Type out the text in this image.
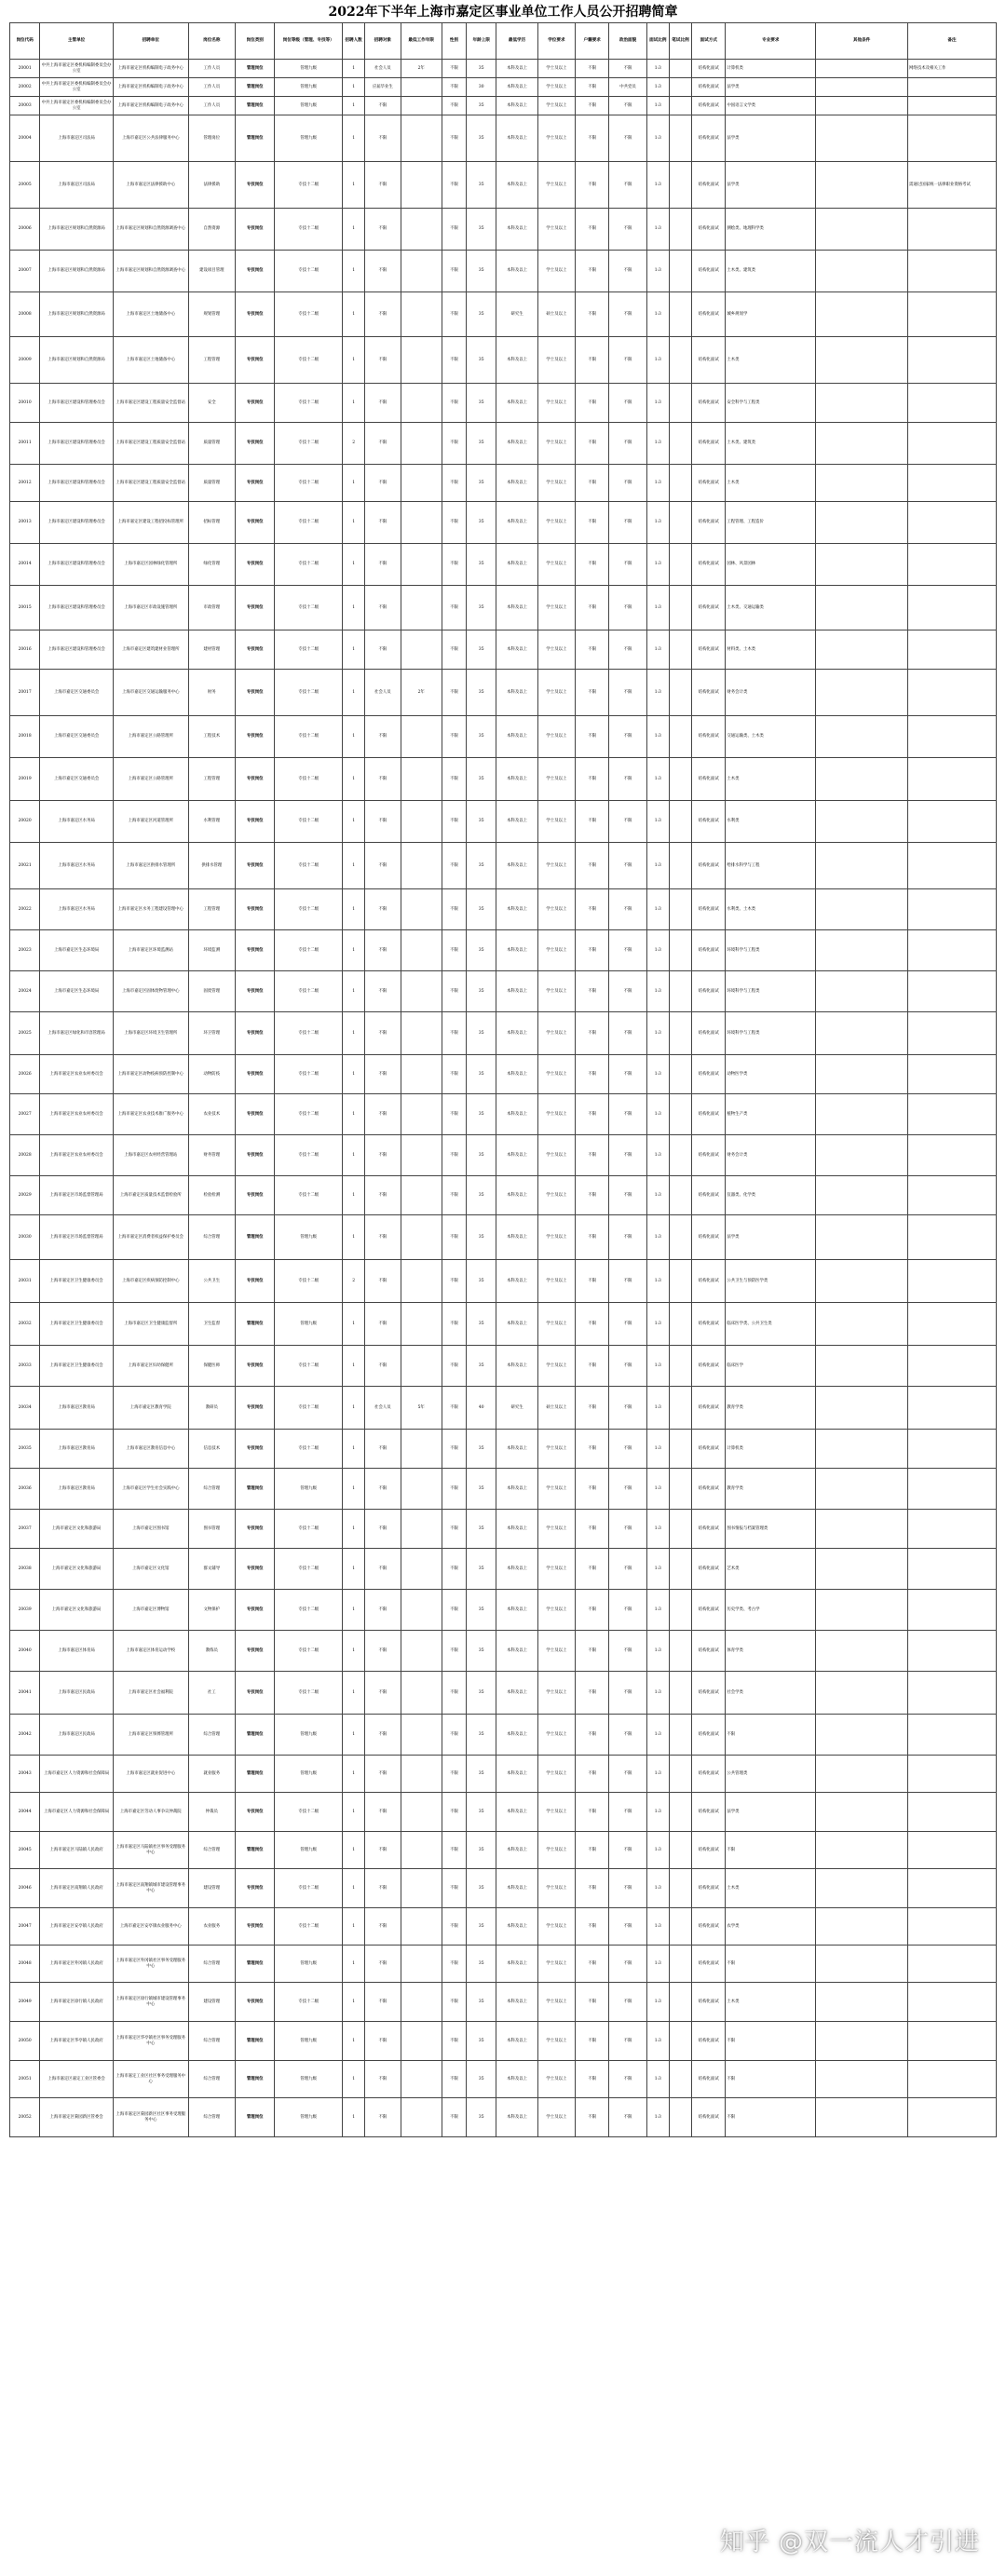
2022年下半年上海市嘉定区事业单位工作人员公开招聘简章
岗位代码	主管单位	招聘单位	岗位名称	岗位类别	岗位等级（管理、专技等）	招聘人数	招聘对象	最低工作年限	性别	年龄上限	最低学历	学位要求	户籍要求	政治面貌	面试比例	笔试比例	面试方式	专业要求	其他条件	备注
20001	中共上海市嘉定区委机构编制委员会办公室	上海市嘉定区机构编制电子政务中心	工作人员	管理岗位	管理九级	1	社会人员	2年	不限	35	本科及以上	学士及以上	不限	不限	1:3		结构化面试	计算机类		网络技术及相关工作
20002	中共上海市嘉定区委机构编制委员会办公室	上海市嘉定区机构编制电子政务中心	工作人员	管理岗位	管理九级	1	应届毕业生		不限	30	本科及以上	学士及以上	不限	中共党员	1:3		结构化面试	法学类		
20003	中共上海市嘉定区委机构编制委员会办公室	上海市嘉定区机构编制电子政务中心	工作人员	管理岗位	管理九级	1	不限		不限	35	本科及以上	学士及以上	不限	不限	1:3		结构化面试	中国语言文学类		
20004	上海市嘉定区司法局	上海市嘉定区公共法律服务中心	管理岗位	管理岗位	管理九级	1	不限		不限	35	本科及以上	学士及以上	不限	不限	1:3		结构化面试	法学类		
20005	上海市嘉定区司法局	上海市嘉定区法律援助中心	法律援助	专技岗位	专技十二级	1	不限		不限	35	本科及以上	学士及以上	不限	不限	1:3		结构化面试	法学类		需通过国家统一法律职业资格考试
20006	上海市嘉定区规划和自然资源局	上海市嘉定区规划和自然资源调查中心	自然资源	专技岗位	专技十二级	1	不限		不限	35	本科及以上	学士及以上	不限	不限	1:3		结构化面试	测绘类、地理科学类		
20007	上海市嘉定区规划和自然资源局	上海市嘉定区规划和自然资源调查中心	建设项目管理	专技岗位	专技十二级	1	不限		不限	35	本科及以上	学士及以上	不限	不限	1:3		结构化面试	土木类、建筑类		
20008	上海市嘉定区规划和自然资源局	上海市嘉定区土地储备中心	规划管理	专技岗位	专技十二级	1	不限		不限	35	研究生	硕士及以上	不限	不限	1:3		结构化面试	城乡规划学		
20009	上海市嘉定区规划和自然资源局	上海市嘉定区土地储备中心	工程管理	专技岗位	专技十二级	1	不限		不限	35	本科及以上	学士及以上	不限	不限	1:3		结构化面试	土木类		
20010	上海市嘉定区建设和管理委员会	上海市嘉定区建设工程质量安全监督站	安全	专技岗位	专技十二级	1	不限		不限	35	本科及以上	学士及以上	不限	不限	1:3		结构化面试	安全科学与工程类		
20011	上海市嘉定区建设和管理委员会	上海市嘉定区建设工程质量安全监督站	质量管理	专技岗位	专技十二级	2	不限		不限	35	本科及以上	学士及以上	不限	不限	1:3		结构化面试	土木类、建筑类		
20012	上海市嘉定区建设和管理委员会	上海市嘉定区建设工程质量安全监督站	质量管理	专技岗位	专技十二级	1	不限		不限	35	本科及以上	学士及以上	不限	不限	1:3		结构化面试	土木类		
20013	上海市嘉定区建设和管理委员会	上海市嘉定区建设工程招投标管理所	招标管理	专技岗位	专技十二级	1	不限		不限	35	本科及以上	学士及以上	不限	不限	1:3		结构化面试	工程管理、工程造价		
20014	上海市嘉定区建设和管理委员会	上海市嘉定区园林绿化管理所	绿化管理	专技岗位	专技十二级	1	不限		不限	35	本科及以上	学士及以上	不限	不限	1:3		结构化面试	园林、风景园林		
20015	上海市嘉定区建设和管理委员会	上海市嘉定区市政设施管理所	市政管理	专技岗位	专技十二级	1	不限		不限	35	本科及以上	学士及以上	不限	不限	1:3		结构化面试	土木类、交通运输类		
20016	上海市嘉定区建设和管理委员会	上海市嘉定区建筑建材业管理所	建材管理	专技岗位	专技十二级	1	不限		不限	35	本科及以上	学士及以上	不限	不限	1:3		结构化面试	材料类、土木类		
20017	上海市嘉定区交通委员会	上海市嘉定区交通运输服务中心	财务	专技岗位	专技十二级	1	社会人员	2年	不限	35	本科及以上	学士及以上	不限	不限	1:3		结构化面试	财务会计类		
20018	上海市嘉定区交通委员会	上海市嘉定区公路管理所	工程技术	专技岗位	专技十二级	1	不限		不限	35	本科及以上	学士及以上	不限	不限	1:3		结构化面试	交通运输类、土木类		
20019	上海市嘉定区交通委员会	上海市嘉定区公路管理所	工程管理	专技岗位	专技十二级	1	不限		不限	35	本科及以上	学士及以上	不限	不限	1:3		结构化面试	土木类		
20020	上海市嘉定区水务局	上海市嘉定区河道管理所	水利管理	专技岗位	专技十二级	1	不限		不限	35	本科及以上	学士及以上	不限	不限	1:3		结构化面试	水利类		
20021	上海市嘉定区水务局	上海市嘉定区供排水管理所	供排水管理	专技岗位	专技十二级	1	不限		不限	35	本科及以上	学士及以上	不限	不限	1:3		结构化面试	给排水科学与工程		
20022	上海市嘉定区水务局	上海市嘉定区水务工程建设管理中心	工程管理	专技岗位	专技十二级	1	不限		不限	35	本科及以上	学士及以上	不限	不限	1:3		结构化面试	水利类、土木类		
20023	上海市嘉定区生态环境局	上海市嘉定区环境监测站	环境监测	专技岗位	专技十二级	1	不限		不限	35	本科及以上	学士及以上	不限	不限	1:3		结构化面试	环境科学与工程类		
20024	上海市嘉定区生态环境局	上海市嘉定区固体废物管理中心	固废管理	专技岗位	专技十二级	1	不限		不限	35	本科及以上	学士及以上	不限	不限	1:3		结构化面试	环境科学与工程类		
20025	上海市嘉定区绿化和市容管理局	上海市嘉定区环境卫生管理所	环卫管理	专技岗位	专技十二级	1	不限		不限	35	本科及以上	学士及以上	不限	不限	1:3		结构化面试	环境科学与工程类		
20026	上海市嘉定区农业农村委员会	上海市嘉定区动物疫病预防控制中心	动物防疫	专技岗位	专技十二级	1	不限		不限	35	本科及以上	学士及以上	不限	不限	1:3		结构化面试	动物医学类		
20027	上海市嘉定区农业农村委员会	上海市嘉定区农业技术推广服务中心	农业技术	专技岗位	专技十二级	1	不限		不限	35	本科及以上	学士及以上	不限	不限	1:3		结构化面试	植物生产类		
20028	上海市嘉定区农业农村委员会	上海市嘉定区农村经营管理站	财务管理	专技岗位	专技十二级	1	不限		不限	35	本科及以上	学士及以上	不限	不限	1:3		结构化面试	财务会计类		
20029	上海市嘉定区市场监督管理局	上海市嘉定区质量技术监督检验所	检验检测	专技岗位	专技十二级	1	不限		不限	35	本科及以上	学士及以上	不限	不限	1:3		结构化面试	仪器类、化学类		
20030	上海市嘉定区市场监督管理局	上海市嘉定区消费者权益保护委员会	综合管理	管理岗位	管理九级	1	不限		不限	35	本科及以上	学士及以上	不限	不限	1:3		结构化面试	法学类		
20031	上海市嘉定区卫生健康委员会	上海市嘉定区疾病预防控制中心	公共卫生	专技岗位	专技十二级	2	不限		不限	35	本科及以上	学士及以上	不限	不限	1:3		结构化面试	公共卫生与预防医学类		
20032	上海市嘉定区卫生健康委员会	上海市嘉定区卫生健康监督所	卫生监督	管理岗位	管理九级	1	不限		不限	35	本科及以上	学士及以上	不限	不限	1:3		结构化面试	临床医学类、公共卫生类		
20033	上海市嘉定区卫生健康委员会	上海市嘉定区妇幼保健所	保健医师	专技岗位	专技十二级	1	不限		不限	35	本科及以上	学士及以上	不限	不限	1:3		结构化面试	临床医学		
20034	上海市嘉定区教育局	上海市嘉定区教育学院	教研员	专技岗位	专技十二级	1	社会人员	5年	不限	40	研究生	硕士及以上	不限	不限	1:3		结构化面试	教育学类		
20035	上海市嘉定区教育局	上海市嘉定区教育信息中心	信息技术	专技岗位	专技十二级	1	不限		不限	35	本科及以上	学士及以上	不限	不限	1:3		结构化面试	计算机类		
20036	上海市嘉定区教育局	上海市嘉定区学生社会实践中心	综合管理	管理岗位	管理九级	1	不限		不限	35	本科及以上	学士及以上	不限	不限	1:3		结构化面试	教育学类		
20037	上海市嘉定区文化和旅游局	上海市嘉定区图书馆	图书管理	专技岗位	专技十二级	1	不限		不限	35	本科及以上	学士及以上	不限	不限	1:3		结构化面试	图书情报与档案管理类		
20038	上海市嘉定区文化和旅游局	上海市嘉定区文化馆	群文辅导	专技岗位	专技十二级	1	不限		不限	35	本科及以上	学士及以上	不限	不限	1:3		结构化面试	艺术类		
20039	上海市嘉定区文化和旅游局	上海市嘉定区博物馆	文物保护	专技岗位	专技十二级	1	不限		不限	35	本科及以上	学士及以上	不限	不限	1:3		结构化面试	历史学类、考古学		
20040	上海市嘉定区体育局	上海市嘉定区体育运动学校	教练员	专技岗位	专技十二级	1	不限		不限	35	本科及以上	学士及以上	不限	不限	1:3		结构化面试	体育学类		
20041	上海市嘉定区民政局	上海市嘉定区社会福利院	社工	专技岗位	专技十二级	1	不限		不限	35	本科及以上	学士及以上	不限	不限	1:3		结构化面试	社会学类		
20042	上海市嘉定区民政局	上海市嘉定区殡葬管理所	综合管理	管理岗位	管理九级	1	不限		不限	35	本科及以上	学士及以上	不限	不限	1:3		结构化面试	不限		
20043	上海市嘉定区人力资源和社会保障局	上海市嘉定区就业促进中心	就业服务	管理岗位	管理九级	1	不限		不限	35	本科及以上	学士及以上	不限	不限	1:3		结构化面试	公共管理类		
20044	上海市嘉定区人力资源和社会保障局	上海市嘉定区劳动人事争议仲裁院	仲裁员	专技岗位	专技十二级	1	不限		不限	35	本科及以上	学士及以上	不限	不限	1:3		结构化面试	法学类		
20045	上海市嘉定区马陆镇人民政府	上海市嘉定区马陆镇社区事务受理服务中心	综合管理	管理岗位	管理九级	1	不限		不限	35	本科及以上	学士及以上	不限	不限	1:3		结构化面试	不限		
20046	上海市嘉定区南翔镇人民政府	上海市嘉定区南翔镇城市建设管理事务中心	建设管理	专技岗位	专技十二级	1	不限		不限	35	本科及以上	学士及以上	不限	不限	1:3		结构化面试	土木类		
20047	上海市嘉定区安亭镇人民政府	上海市嘉定区安亭镇农业服务中心	农业服务	专技岗位	专技十二级	1	不限		不限	35	本科及以上	学士及以上	不限	不限	1:3		结构化面试	农学类		
20048	上海市嘉定区外冈镇人民政府	上海市嘉定区外冈镇社区事务受理服务中心	综合管理	管理岗位	管理九级	1	不限		不限	35	本科及以上	学士及以上	不限	不限	1:3		结构化面试	不限		
20049	上海市嘉定区徐行镇人民政府	上海市嘉定区徐行镇城市建设管理事务中心	建设管理	专技岗位	专技十二级	1	不限		不限	35	本科及以上	学士及以上	不限	不限	1:3		结构化面试	土木类		
20050	上海市嘉定区华亭镇人民政府	上海市嘉定区华亭镇社区事务受理服务中心	综合管理	管理岗位	管理九级	1	不限		不限	35	本科及以上	学士及以上	不限	不限	1:3		结构化面试	不限		
20051	上海市嘉定区嘉定工业区管委会	上海市嘉定工业区社区事务受理服务中心	综合管理	管理岗位	管理九级	1	不限		不限	35	本科及以上	学士及以上	不限	不限	1:3		结构化面试	不限		
20052	上海市嘉定区菊园新区管委会	上海市嘉定区菊园新区社区事务受理服务中心	综合管理	管理岗位	管理九级	1	不限		不限	35	本科及以上	学士及以上	不限	不限	1:3		结构化面试	不限		
知乎 @双一流人才引进
